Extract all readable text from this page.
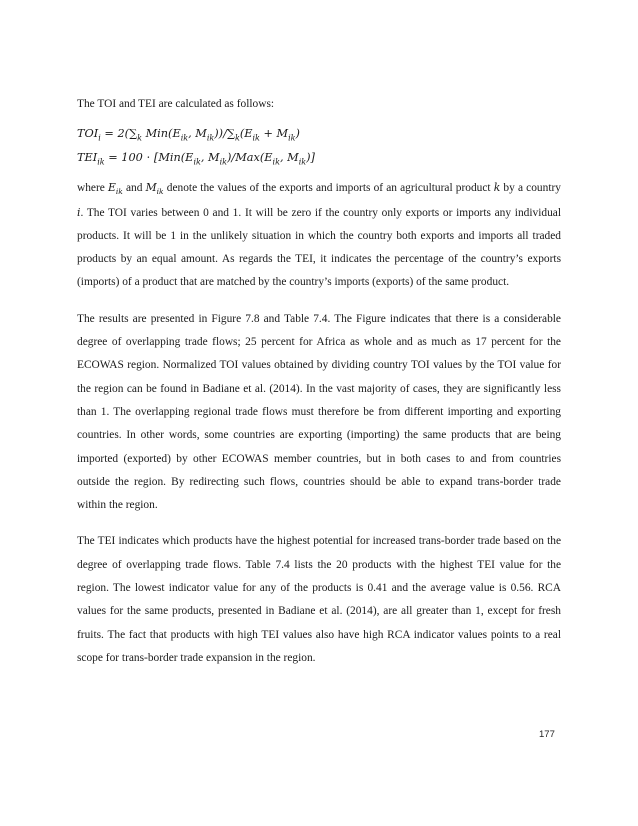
The TOI and TEI are calculated as follows:

𝑇𝑂𝐼$_𝑖$ = $2(\sum_𝑘$ 𝑀𝑖𝑛(𝐸$_{𝑖𝑘}$, $𝑀_{𝑖𝑘}))/\sum_𝑘(𝐸_{𝑖𝑘}$ + 𝑀$_{𝑖𝑘}$)
𝑇𝐸𝐼$_{𝑖𝑘}$ = 100 ⋅ [𝑀𝑖𝑛(𝐸$_{𝑖𝑘}$, 𝑀$_{𝑖𝑘}$)/𝑀𝑎𝑥(𝐸$_{𝑖𝑘}$, 𝑀$_{𝑖𝑘}$)]

where 𝐸$_{𝑖𝑘}$ and 𝑀$_{𝑖𝑘}$ denote the values of the exports and imports of an agricultural product 𝑘 by a country 𝑖. The TOI varies between 0 and 1. It will be zero if the country only exports or imports any individual products. It will be 1 in the unlikely situation in which the country both exports and imports all traded products by an equal amount. As regards the TEI, it indicates the percentage of the country’s exports (imports) of a product that are matched by the country’s imports (exports) of the same product.

The results are presented in Figure 7.8 and Table 7.4. The Figure indicates that there is a considerable degree of overlapping trade flows; 25 percent for Africa as whole and as much as 17 percent for the ECOWAS region. Normalized TOI values obtained by dividing country TOI values by the TOI value for the region can be found in Badiane et al. (2014). In the vast majority of cases, they are significantly less than 1. The overlapping regional trade flows must therefore be from different importing and exporting countries. In other words, some countries are exporting (importing) the same products that are being imported (exported) by other ECOWAS member countries, but in both cases to and from countries outside the region. By redirecting such flows, countries should be able to expand trans-border trade within the region.

The TEI indicates which products have the highest potential for increased trans-border trade based on the degree of overlapping trade flows. Table 7.4 lists the 20 products with the highest TEI value for the region. The lowest indicator value for any of the products is 0.41 and the average value is 0.56. RCA values for the same products, presented in Badiane et al. (2014), are all greater than 1, except for fresh fruits. The fact that products with high TEI values also have high RCA indicator values points to a real scope for trans-border trade expansion in the region.

177
